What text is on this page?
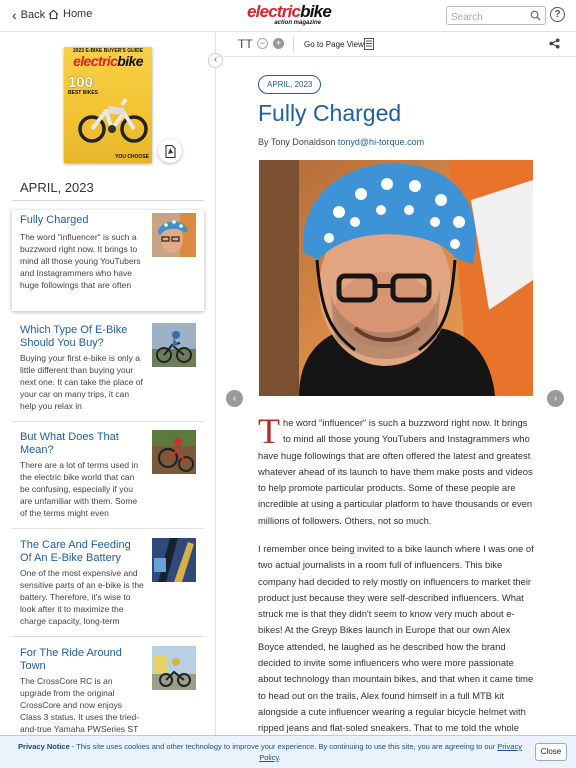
‹ Back Home	electricbike
action magazine
Search
?
2023 E-BIKE BUYER'S GUIDE
electricbike
100
BEST BIKES
YOU CHOOSE
APRIL, 2023
Fully Charged
The word "influencer" is such a buzzword right now. It brings to mind all those young YouTubers and Instagrammers who have huge followings that are often
Which Type Of E-Bike Should You Buy?
Buying your first e-bike is only a little different than buying your next one. It can take the place of your car on many trips, it can help you relax in
But What Does That Mean?
There are a lot of terms used in the electric bike world that can be confusing, especially if you are unfamiliar with them. Some of the terms might even
The Care And Feeding Of An E-Bike Battery
One of the most expensive and sensitive parts of an e-bike is the battery. Therefore, it's wise to look after it to maximize the charge capacity, long-term
For The Ride Around Town
The CrossCore RC is an upgrade from the original CrossCore and now enjoys Class 3 status. It uses the tried-and-true Yamaha PWSeries ST
‹
TT −	+	Go to Page View
APRIL, 2023
Fully Charged
By Tony Donaldson tonyd@hi-torque.com
‹	›
The word "influencer" is such a buzzword right now. It brings to mind all those young YouTubers and Instagrammers who have huge followings that are often offered the latest and greatest whatever ahead of its launch to have them make posts and videos to help promote particular products. Some of these people are incredible at using a particular platform to have thousands or even millions of followers. Others, not so much.
I remember once being invited to a bike launch where I was one of two actual journalists in a room full of influencers. This bike company had decided to rely mostly on influencers to market their product just because they were self-described influencers. What struck me is that they didn't seem to know very much about e-bikes! At the Greyp Bikes launch in Europe that our own Alex Boyce attended, he laughed as he described how the brand decided to invite some influencers who were more passionate about technology than mountain bikes, and that when it came time to head out on the trails, Alex found himself in a full MTB kit alongside a cute influencer wearing a regular bicycle helmet with ripped jeans and flat-soled sneakers. That to me told the whole
Privacy Notice - This site uses cookies and other technology to improve your experience. By continuing to use this site, you are agreeing to our Privacy Policy.
Close
